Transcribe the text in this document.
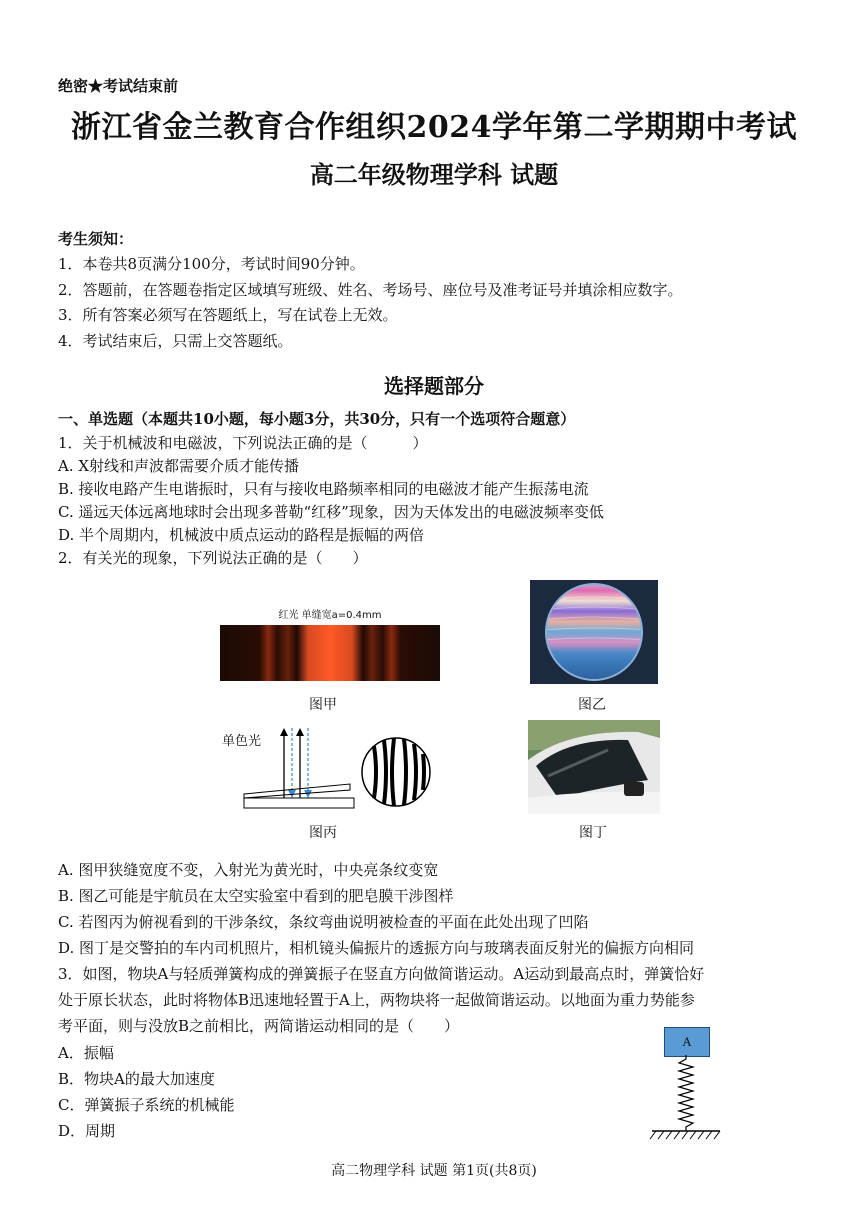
绝密★考试结束前
浙江省金兰教育合作组织2024学年第二学期期中考试
高二年级物理学科 试题
考生须知：
1．本卷共8页满分100分，考试时间90分钟。
2．答题前，在答题卷指定区域填写班级、姓名、考场号、座位号及准考证号并填涂相应数字。
3．所有答案必须写在答题纸上，写在试卷上无效。
4．考试结束后，只需上交答题纸。
选择题部分
一、单选题（本题共10小题，每小题3分，共30分，只有一个选项符合题意）
1．关于机械波和电磁波，下列说法正确的是（　　　）
A. X射线和声波都需要介质才能传播
B. 接收电路产生电谐振时，只有与接收电路频率相同的电磁波才能产生振荡电流
C. 遥远天体远离地球时会出现多普勒“红移”现象，因为天体发出的电磁波频率变低
D. 半个周期内，机械波中质点运动的路程是振幅的两倍
2．有关光的现象，下列说法正确的是（　　）
红光 单缝宽a=0.4mm
图甲	图乙
单色光
图丙	图丁
A. 图甲狭缝宽度不变，入射光为黄光时，中央亮条纹变宽
B. 图乙可能是宇航员在太空实验室中看到的肥皂膜干涉图样
C. 若图丙为俯视看到的干涉条纹，条纹弯曲说明被检查的平面在此处出现了凹陷
D. 图丁是交警拍的车内司机照片，相机镜头偏振片的透振方向与玻璃表面反射光的偏振方向相同
3．如图，物块A与轻质弹簧构成的弹簧振子在竖直方向做简谐运动。A运动到最高点时，弹簧恰好
处于原长状态，此时将物体B迅速地轻置于A上，两物块将一起做简谐运动。以地面为重力势能参
考平面，则与没放B之前相比，两简谐运动相同的是（　　）
A．振幅
B．物块A的最大加速度
C．弹簧振子系统的机械能
D．周期
A
高二物理学科 试题 第1页(共8页)
